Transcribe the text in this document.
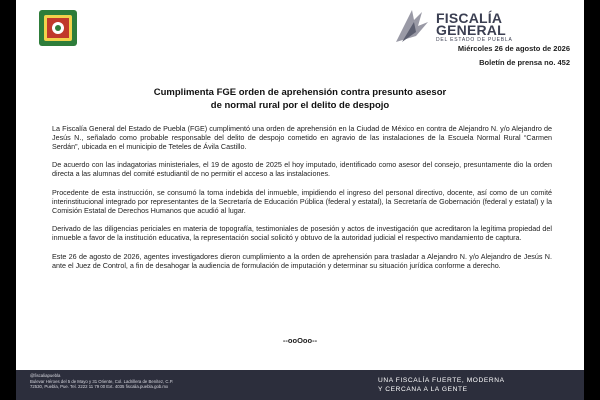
FISCALÍA
GENERAL
DEL ESTADO DE PUEBLA
Miércoles 26 de agosto de 2026
Boletín de prensa no. 452
Cumplimenta FGE orden de aprehensión contra presunto asesor
de normal rural por el delito de despojo

La Fiscalía General del Estado de Puebla (FGE) cumplimentó una orden de aprehensión en la Ciudad de México en contra de Alejandro N. y/o Alejandro de Jesús N., señalado como probable responsable del delito de despojo cometido en agravio de las instalaciones de la Escuela Normal Rural “Carmen Serdán”, ubicada en el municipio de Teteles de Ávila Castillo.

De acuerdo con las indagatorias ministeriales, el 19 de agosto de 2025 el hoy imputado, identificado como asesor del consejo, presuntamente dio la orden directa a las alumnas del comité estudiantil de no permitir el acceso a las instalaciones.

Procedente de esta instrucción, se consumó la toma indebida del inmueble, impidiendo el ingreso del personal directivo, docente, así como de un comité interinstitucional integrado por representantes de la Secretaría de Educación Pública (federal y estatal), la Secretaría de Gobernación (federal y estatal) y la Comisión Estatal de Derechos Humanos que acudió al lugar.

Derivado de las diligencias periciales en materia de topografía, testimoniales de posesión y actos de investigación que acreditaron la legítima propiedad del inmueble a favor de la institución educativa, la representación social solicitó y obtuvo de la autoridad judicial el respectivo mandamiento de captura.

Este 26 de agosto de 2026, agentes investigadores dieron cumplimiento a la orden de aprehensión para trasladar a Alejandro N. y/o Alejandro de Jesús N. ante el Juez de Control, a fin de desahogar la audiencia de formulación de imputación y determinar su situación jurídica conforme a derecho.

--ooOoo--
@fiscaliapuebla
Bulevar Héroes del 5 de Mayo y 31 Oriente, Col. Ladrillera de Benítez, C.P.
72530, Puebla, Pue. Tel. 2222 11 79 00 Ext. 4035 fiscalia.puebla.gob.mx
UNA FISCALÍA FUERTE, MODERNA
Y CERCANA A LA GENTE
